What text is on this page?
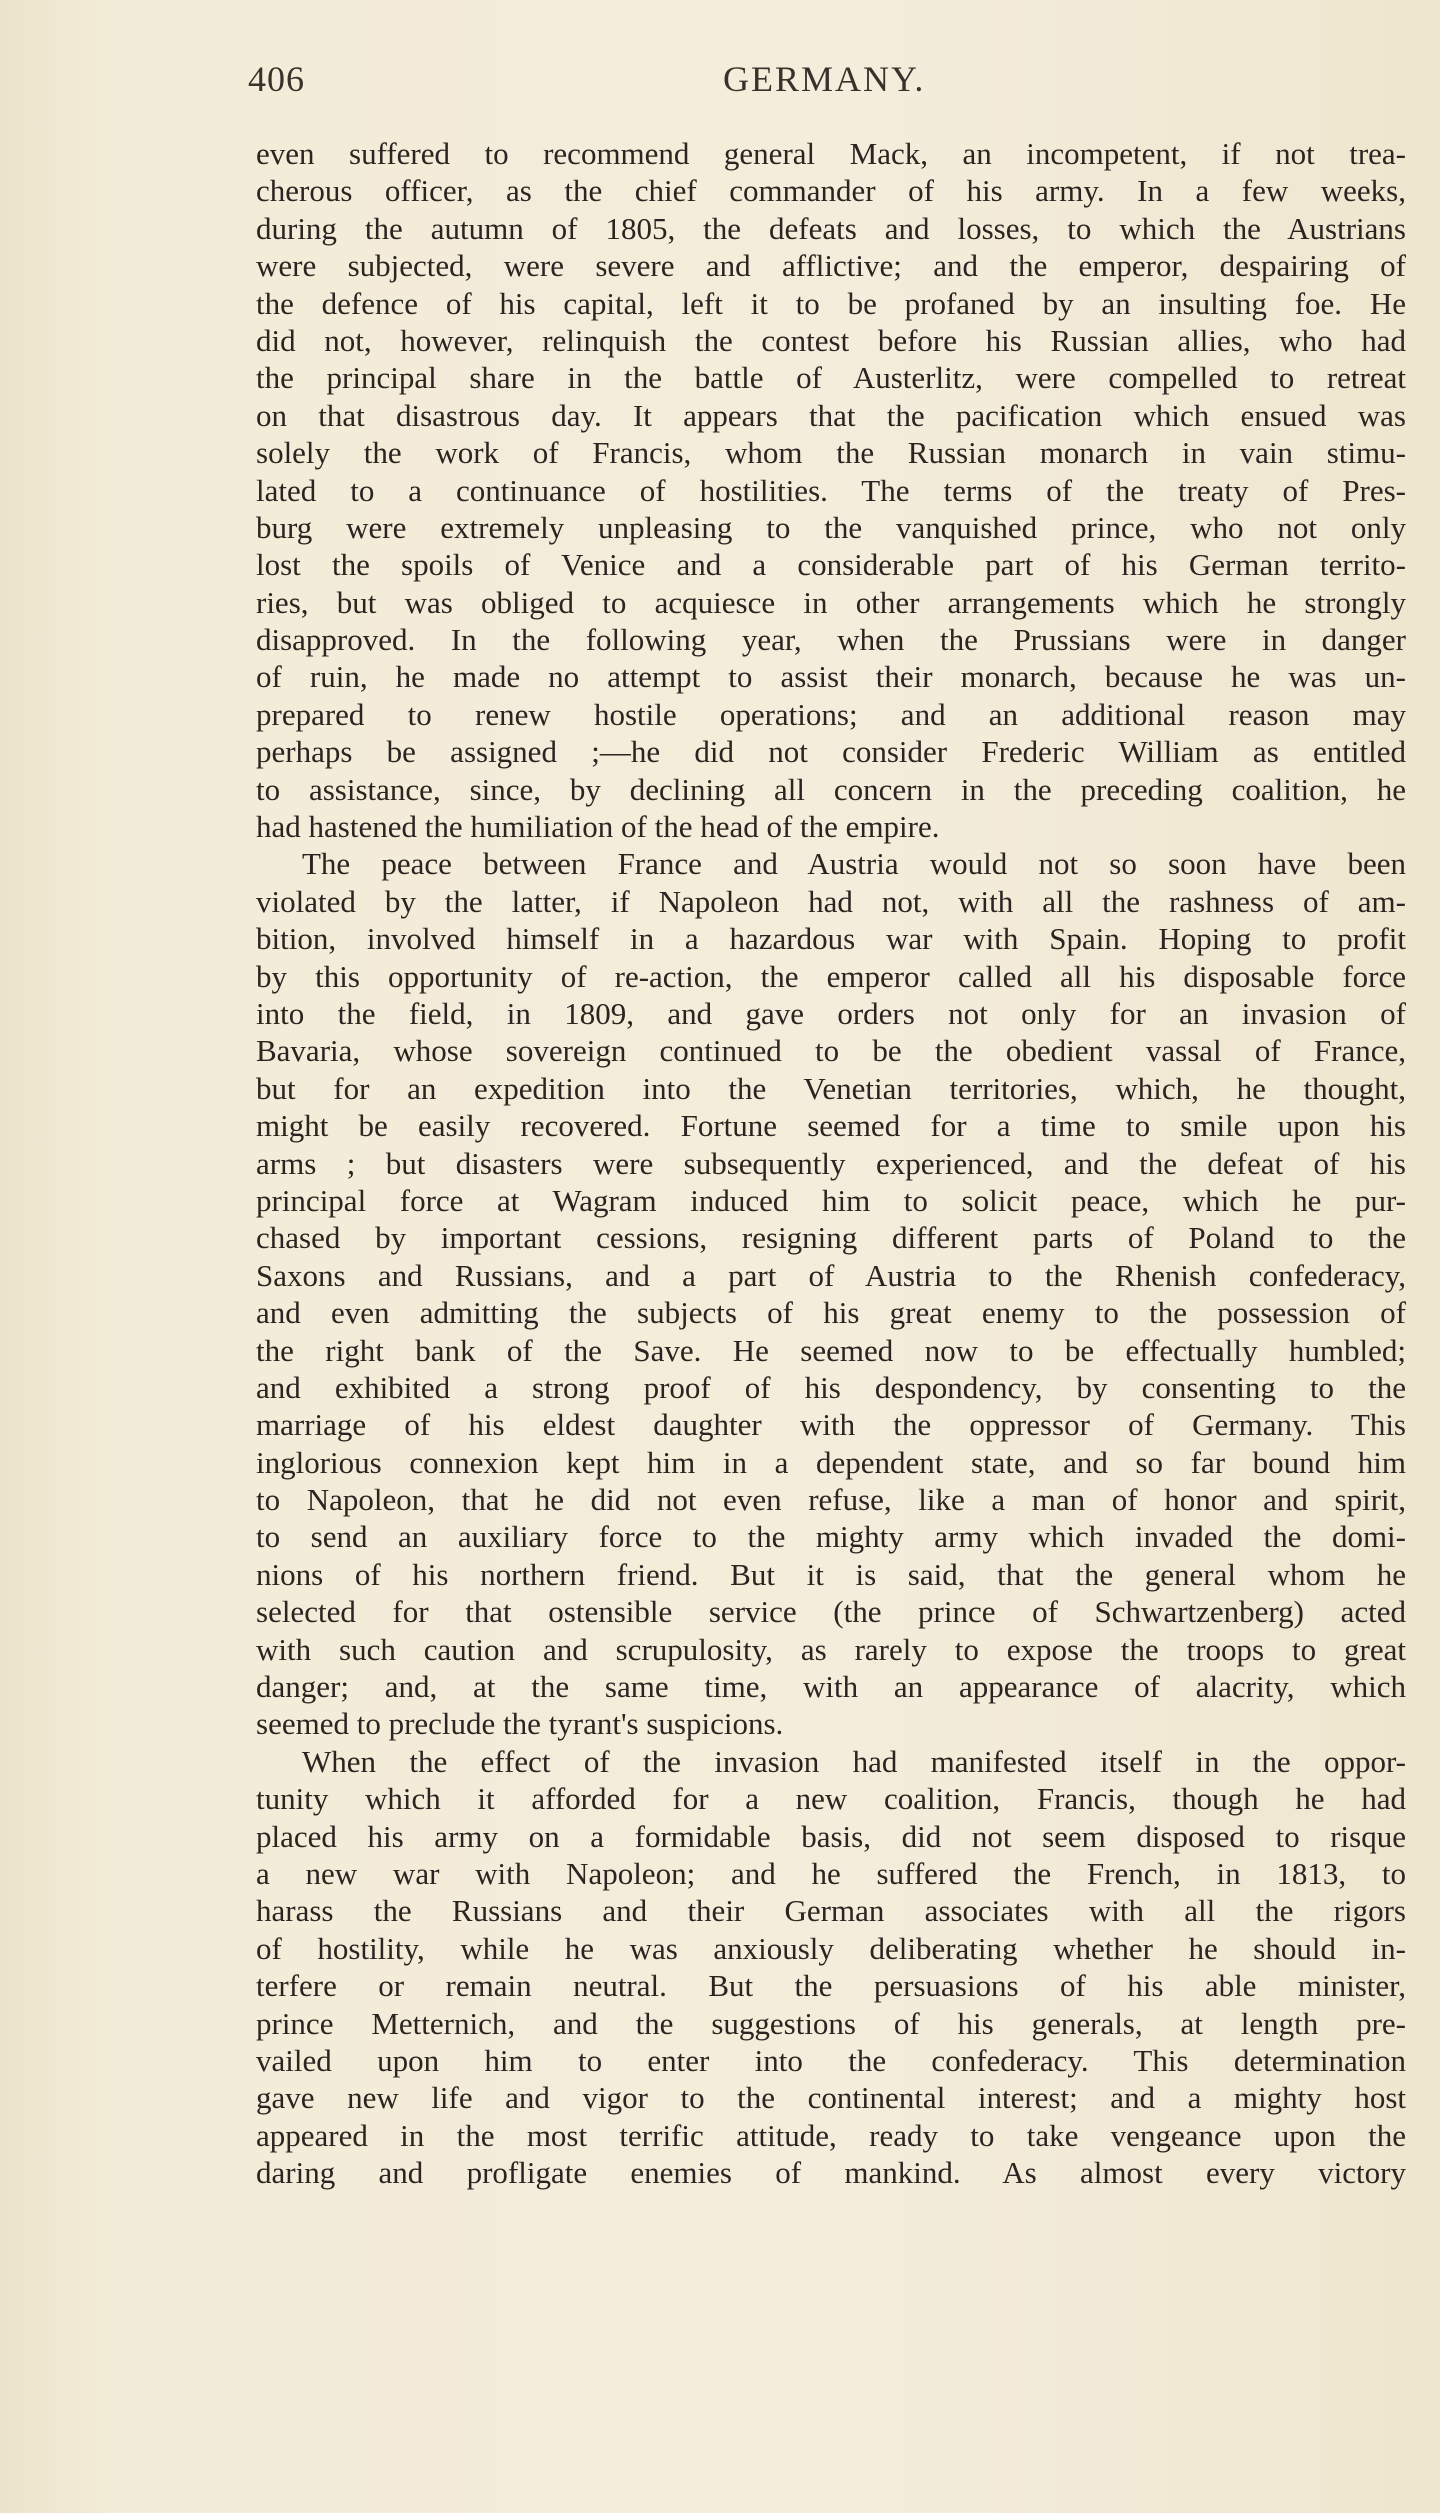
406	GERMANY.
even suffered to recommend general Mack, an incompetent, if not trea-
cherous officer, as the chief commander of his army. In a few weeks,
during the autumn of 1805, the defeats and losses, to which the Austrians
were subjected, were severe and afflictive; and the emperor, despairing of
the defence of his capital, left it to be profaned by an insulting foe. He
did not, however, relinquish the contest before his Russian allies, who had
the principal share in the battle of Austerlitz, were compelled to retreat
on that disastrous day. It appears that the pacification which ensued was
solely the work of Francis, whom the Russian monarch in vain stimu-
lated to a continuance of hostilities. The terms of the treaty of Pres-
burg were extremely unpleasing to the vanquished prince, who not only
lost the spoils of Venice and a considerable part of his German territo-
ries, but was obliged to acquiesce in other arrangements which he strongly
disapproved. In the following year, when the Prussians were in danger
of ruin, he made no attempt to assist their monarch, because he was un-
prepared to renew hostile operations; and an additional reason may
perhaps be assigned ;—he did not consider Frederic William as entitled
to assistance, since, by declining all concern in the preceding coalition, he
had hastened the humiliation of the head of the empire.
The peace between France and Austria would not so soon have been
violated by the latter, if Napoleon had not, with all the rashness of am-
bition, involved himself in a hazardous war with Spain. Hoping to profit
by this opportunity of re-action, the emperor called all his disposable force
into the field, in 1809, and gave orders not only for an invasion of
Bavaria, whose sovereign continued to be the obedient vassal of France,
but for an expedition into the Venetian territories, which, he thought,
might be easily recovered. Fortune seemed for a time to smile upon his
arms ; but disasters were subsequently experienced, and the defeat of his
principal force at Wagram induced him to solicit peace, which he pur-
chased by important cessions, resigning different parts of Poland to the
Saxons and Russians, and a part of Austria to the Rhenish confederacy,
and even admitting the subjects of his great enemy to the possession of
the right bank of the Save. He seemed now to be effectually humbled;
and exhibited a strong proof of his despondency, by consenting to the
marriage of his eldest daughter with the oppressor of Germany. This
inglorious connexion kept him in a dependent state, and so far bound him
to Napoleon, that he did not even refuse, like a man of honor and spirit,
to send an auxiliary force to the mighty army which invaded the domi-
nions of his northern friend. But it is said, that the general whom he
selected for that ostensible service (the prince of Schwartzenberg) acted
with such caution and scrupulosity, as rarely to expose the troops to great
danger; and, at the same time, with an appearance of alacrity, which
seemed to preclude the tyrant's suspicions.
When the effect of the invasion had manifested itself in the oppor-
tunity which it afforded for a new coalition, Francis, though he had
placed his army on a formidable basis, did not seem disposed to risque
a new war with Napoleon; and he suffered the French, in 1813, to
harass the Russians and their German associates with all the rigors
of hostility, while he was anxiously deliberating whether he should in-
terfere or remain neutral. But the persuasions of his able minister,
prince Metternich, and the suggestions of his generals, at length pre-
vailed upon him to enter into the confederacy. This determination
gave new life and vigor to the continental interest; and a mighty host
appeared in the most terrific attitude, ready to take vengeance upon the
daring and profligate enemies of mankind. As almost every victory
